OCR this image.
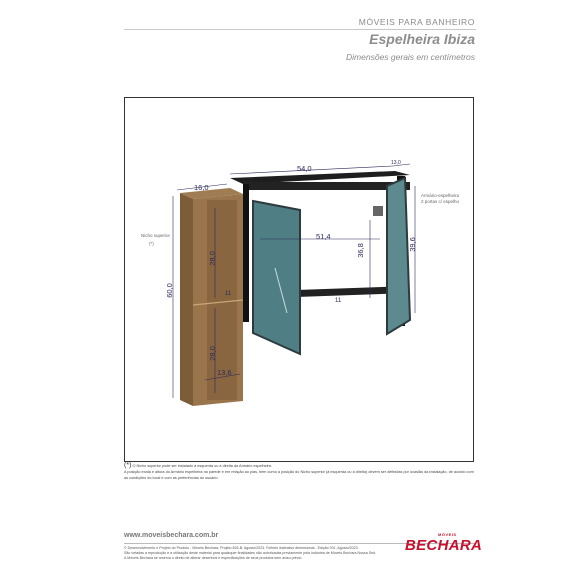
MÓVEIS PARA BANHEIRO
Espelheira Ibiza
Dimensões gerais em centímetros
16,0
54,0
13,0
60,0
51,4
36,8	39,6
28,0
28,0
11
11
13,6
Nicho superior
(*)
Armário-espelheira
2 portas c/ espelho
(*) O Nicho superior pode ser instalado à esquerda ou à direita da Armário espelheira.
A posição exata e altura do Armário espelheira na parede e em relação ao pias, bem como a posição do Nicho superior (à esquerda ou à direita) devem ser definidas por ocasião da instalação, de acordo com as condições do local e com as preferências do usuário.
www.moveisbechara.com.br
© Desenvolvimento e Projeto do Produto - Móveis Bechara. Projeto 826-B, Agosto/2023. Folheto ilustrativo dimensional - Edição 001, Agosto/2023.
São vetadas a reprodução e a utilização deste material para quaisquer finalidades não autorizadas previamente pela Indústria de Móveis Bechara Nossa Sed.
A Móveis Bechara se reserva o direito de alterar desenhos e especificações de seus produtos sem aviso prévio.
MÓVEIS
BECHARA
